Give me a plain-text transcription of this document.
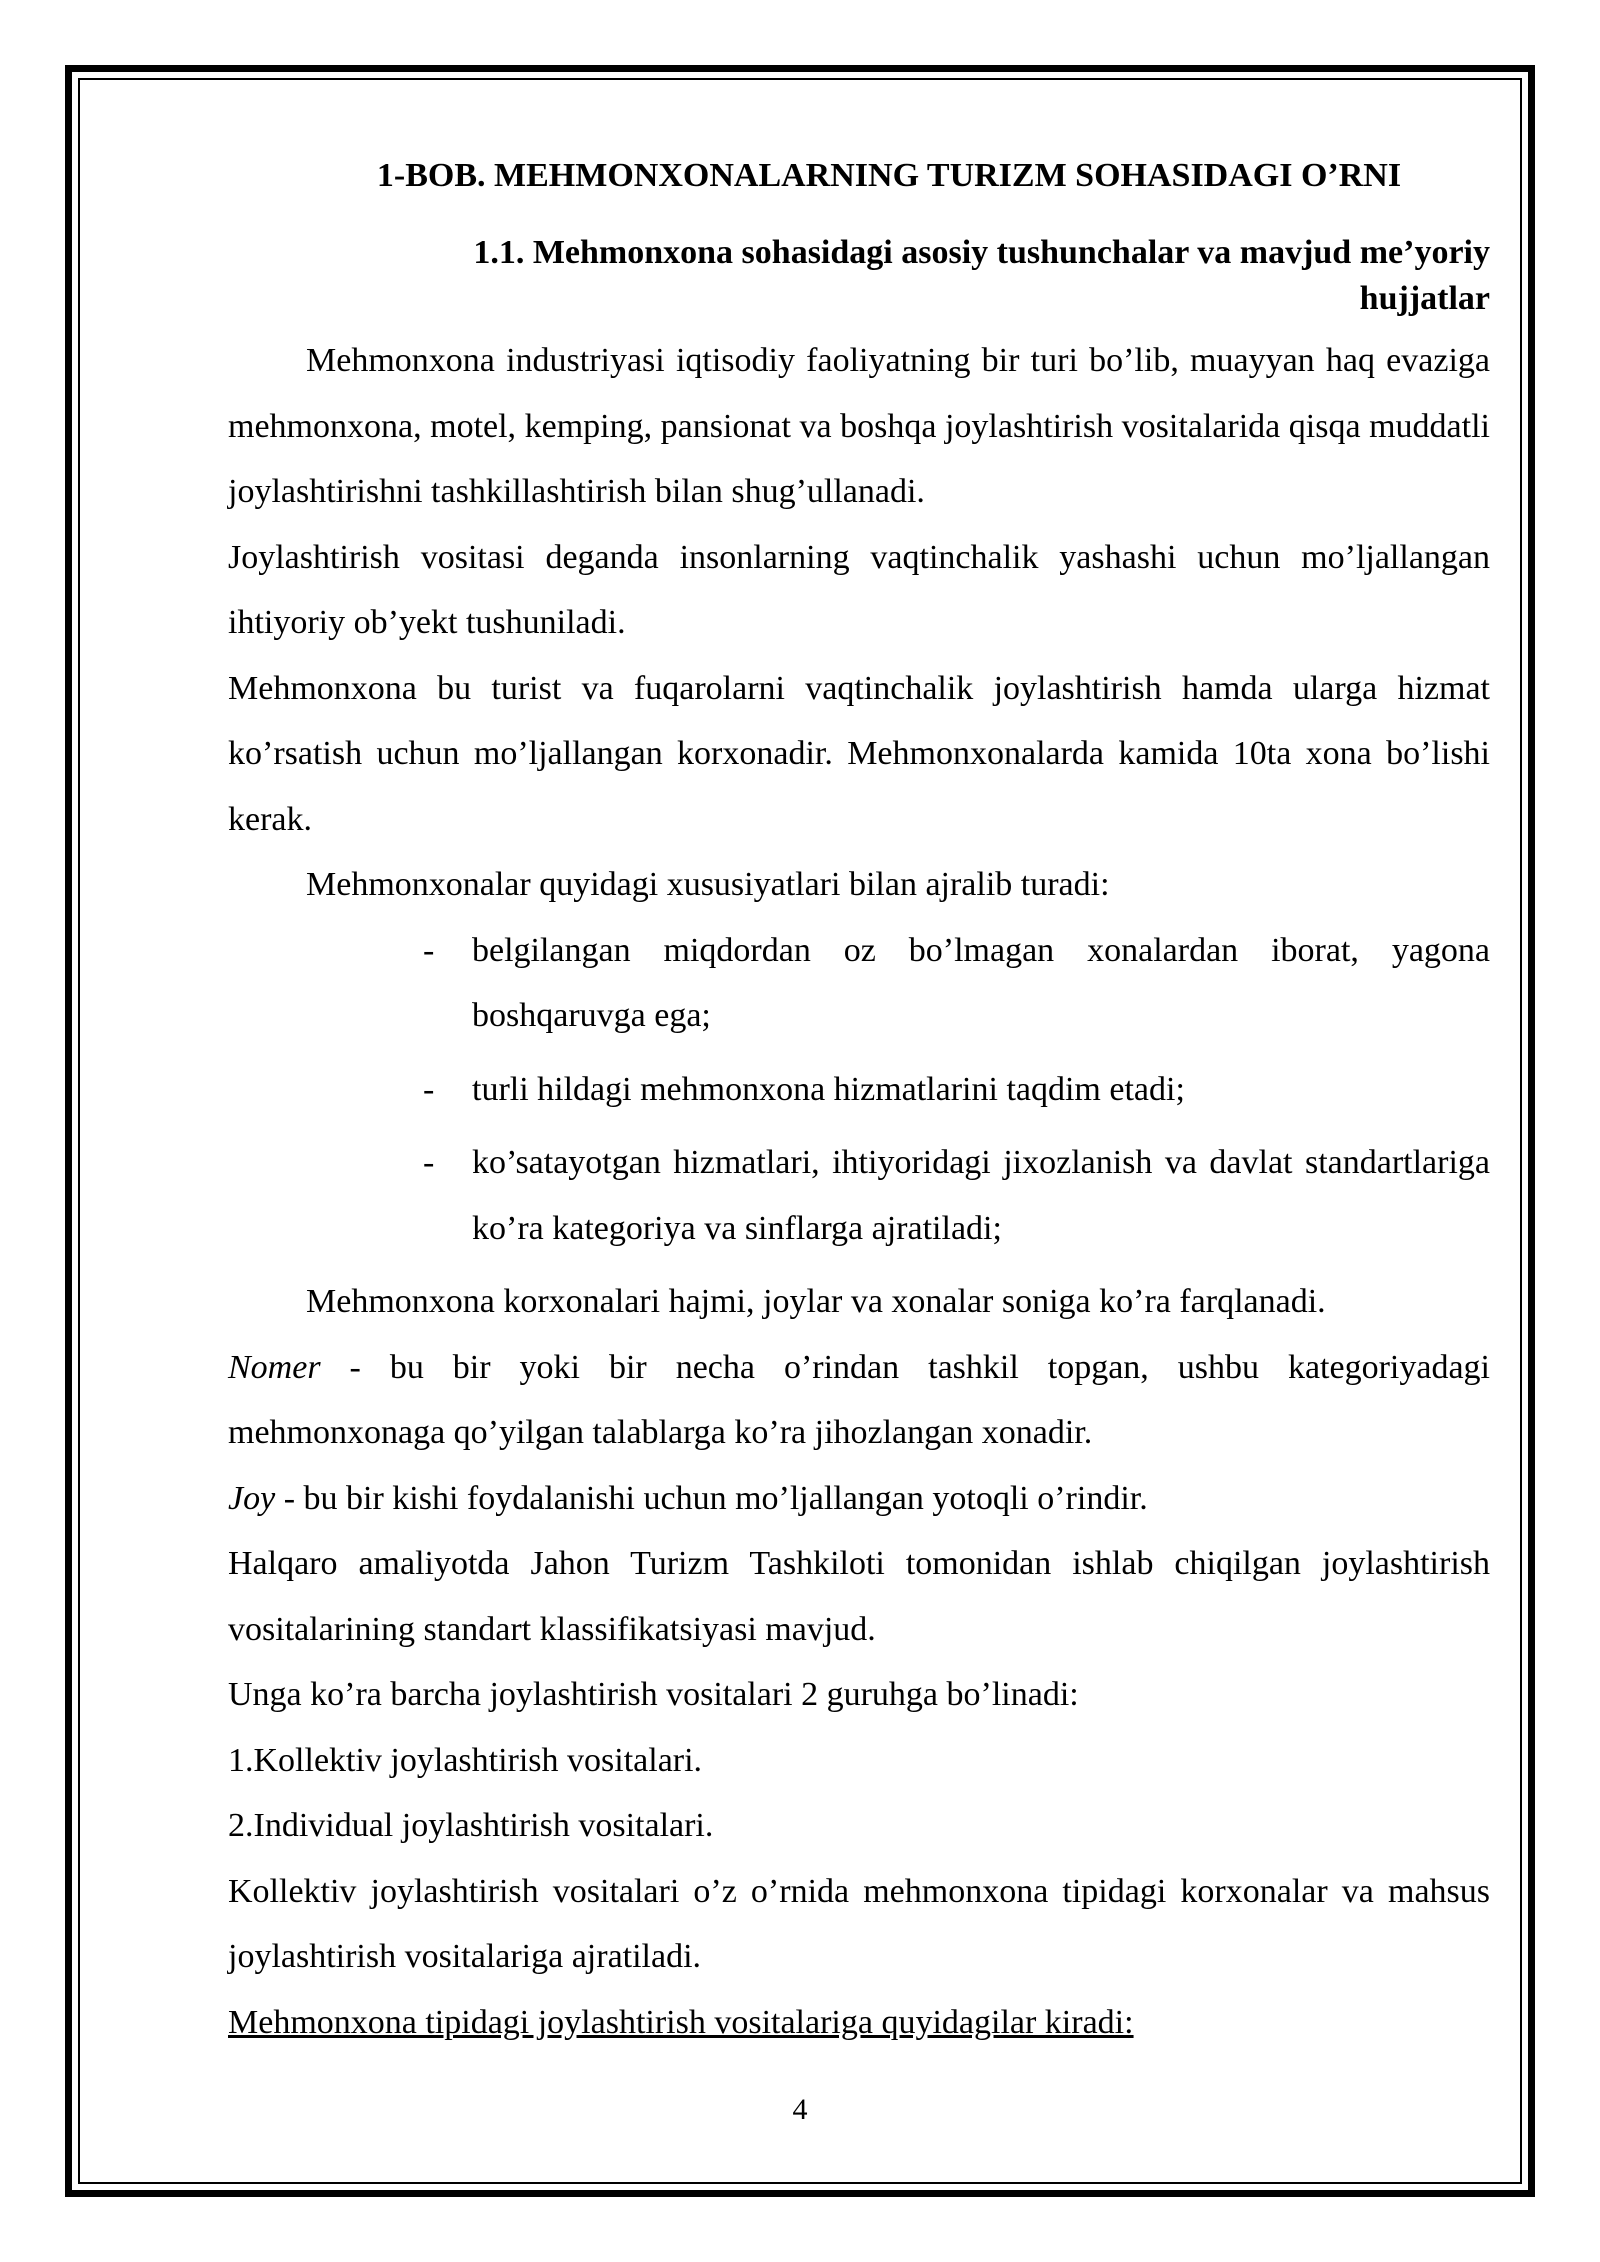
1-BOB. MEHMONXONALARNING TURIZM SOHASIDAGI O’RNI
1.1. Mehmonxona sohasidagi asosiy tushunchalar va mavjud me’yoriy
hujjatlar

Mehmonxona industriyasi iqtisodiy faoliyatning bir turi bo’lib, muayyan haq evaziga mehmonxona, motel, kemping, pansionat va boshqa joylashtirish vositalarida qisqa muddatli joylashtirishni tashkillashtirish bilan shug’ullanadi.

Joylashtirish vositasi deganda insonlarning vaqtinchalik yashashi uchun mo’ljallangan ihtiyoriy ob’yekt tushuniladi.

Mehmonxona bu turist va fuqarolarni vaqtinchalik joylashtirish hamda ularga hizmat ko’rsatish uchun mo’ljallangan korxonadir. Mehmonxonalarda kamida 10ta xona bo’lishi kerak.

Mehmonxonalar quyidagi xususiyatlari bilan ajralib turadi:

- belgilangan miqdordan oz bo’lmagan xonalardan iborat, yagona boshqaruvga ega;
- turli hildagi mehmonxona hizmatlarini taqdim etadi;
- ko’satayotgan hizmatlari, ihtiyoridagi jixozlanish va davlat standartlariga ko’ra kategoriya va sinflarga ajratiladi;

Mehmonxona korxonalari hajmi, joylar va xonalar soniga ko’ra farqlanadi.

Nomer - bu bir yoki bir necha o’rindan tashkil topgan, ushbu kategoriyadagi mehmonxonaga qo’yilgan talablarga ko’ra jihozlangan xonadir.

Joy - bu bir kishi foydalanishi uchun mo’ljallangan yotoqli o’rindir.

Halqaro amaliyotda Jahon Turizm Tashkiloti tomonidan ishlab chiqilgan joylashtirish vositalarining standart klassifikatsiyasi mavjud.

Unga ko’ra barcha joylashtirish vositalari 2 guruhga bo’linadi:

1.Kollektiv joylashtirish vositalari.

2.Individual joylashtirish vositalari.

Kollektiv joylashtirish vositalari o’z o’rnida mehmonxona tipidagi korxonalar va mahsus joylashtirish vositalariga ajratiladi.

Mehmonxona tipidagi joylashtirish vositalariga quyidagilar kiradi:

4
